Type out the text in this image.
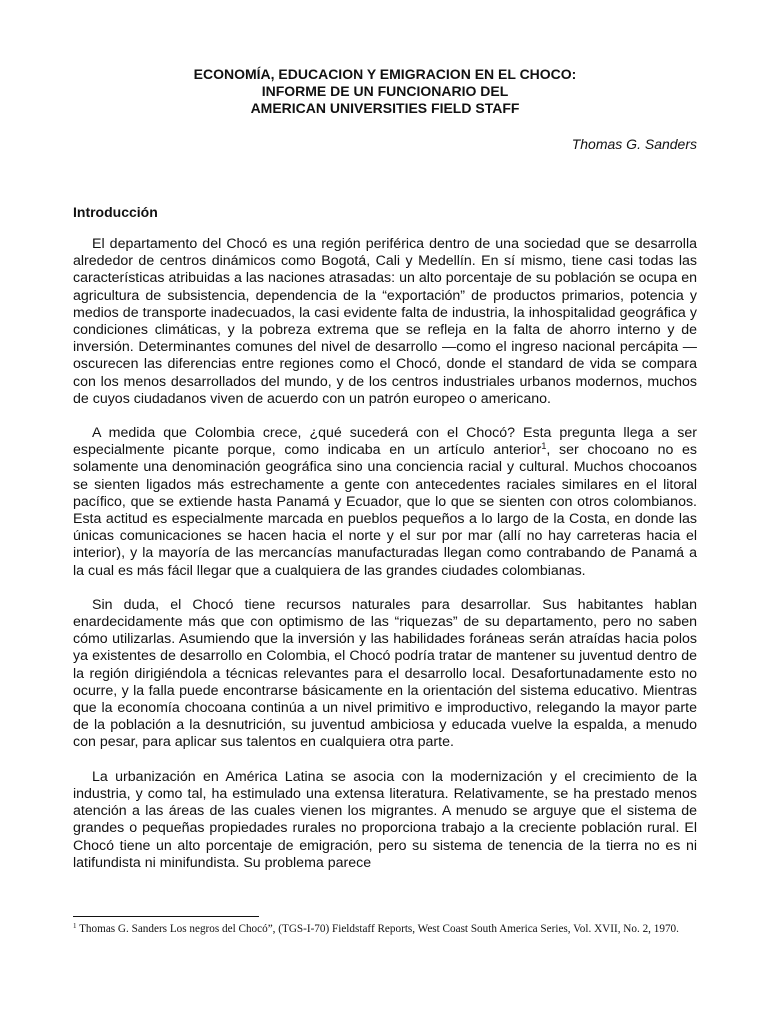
ECONOMÍA, EDUCACION Y EMIGRACION EN EL CHOCO:
INFORME DE UN FUNCIONARIO DEL
AMERICAN UNIVERSITIES FIELD STAFF
Thomas G. Sanders
Introducción

El departamento del Chocó es una región periférica dentro de una sociedad que se desarrolla alrededor de centros dinámicos como Bogotá, Cali y Medellín. En sí mismo, tiene casi todas las características atribuidas a las naciones atrasadas: un alto porcentaje de su población se ocupa en agricultura de subsistencia, dependencia de la “exportación” de productos primarios, potencia y medios de transporte inadecuados, la casi evidente falta de industria, la inhospitalidad geográfica y condiciones climáticas, y la pobreza extrema que se refleja en la falta de ahorro interno y de inversión. Determinantes comunes del nivel de desarrollo —como el ingreso nacional percápita — oscurecen las diferencias entre regiones como el Chocó, donde el standard de vida se compara con los menos desarrollados del mundo, y de los centros industriales urbanos modernos, muchos de cuyos ciudadanos viven de acuerdo con un patrón europeo o americano.

A medida que Colombia crece, ¿qué sucederá con el Chocó? Esta pregunta llega a ser especialmente picante porque, como indicaba en un artículo anterior$^1$, ser chocoano no es solamente una denominación geográfica sino una conciencia racial y cultural. Muchos chocoanos se sienten ligados más estrechamente a gente con antecedentes raciales similares en el litoral pacífico, que se extiende hasta Panamá y Ecuador, que lo que se sienten con otros colombianos. Esta actitud es especialmente marcada en pueblos pequeños a lo largo de la Costa, en donde las únicas comunicaciones se hacen hacia el norte y el sur por mar (allí no hay carreteras hacia el interior), y la mayoría de las mercancías manufacturadas llegan como contrabando de Panamá a la cual es más fácil llegar que a cualquiera de las grandes ciudades colombianas.

Sin duda, el Chocó tiene recursos naturales para desarrollar. Sus habitantes hablan enardecidamente más que con optimismo de las “riquezas” de su departamento, pero no saben cómo utilizarlas. Asumiendo que la inversión y las habilidades foráneas serán atraídas hacia polos ya existentes de desarrollo en Colombia, el Chocó podría tratar de mantener su juventud dentro de la región dirigiéndola a técnicas relevantes para el desarrollo local. Desafortunadamente esto no ocurre, y la falla puede encontrarse básicamente en la orientación del sistema educativo. Mientras que la economía chocoana continúa a un nivel primitivo e improductivo, relegando la mayor parte de la población a la desnutrición, su juventud ambiciosa y educada vuelve la espalda, a menudo con pesar, para aplicar sus talentos en cualquiera otra parte.

La urbanización en América Latina se asocia con la modernización y el crecimiento de la industria, y como tal, ha estimulado una extensa literatura. Relativamente, se ha prestado menos atención a las áreas de las cuales vienen los migrantes. A menudo se arguye que el sistema de grandes o pequeñas propiedades rurales no proporciona trabajo a la creciente población rural. El Chocó tiene un alto porcentaje de emigración, pero su sistema de tenencia de la tierra no es ni latifundista ni minifundista. Su problema parece

$^1$ Thomas G. Sanders Los negros del Chocó”, (TGS-I-70) Fieldstaff Reports, West Coast South America Series, Vol. XVII, No. 2, 1970.
